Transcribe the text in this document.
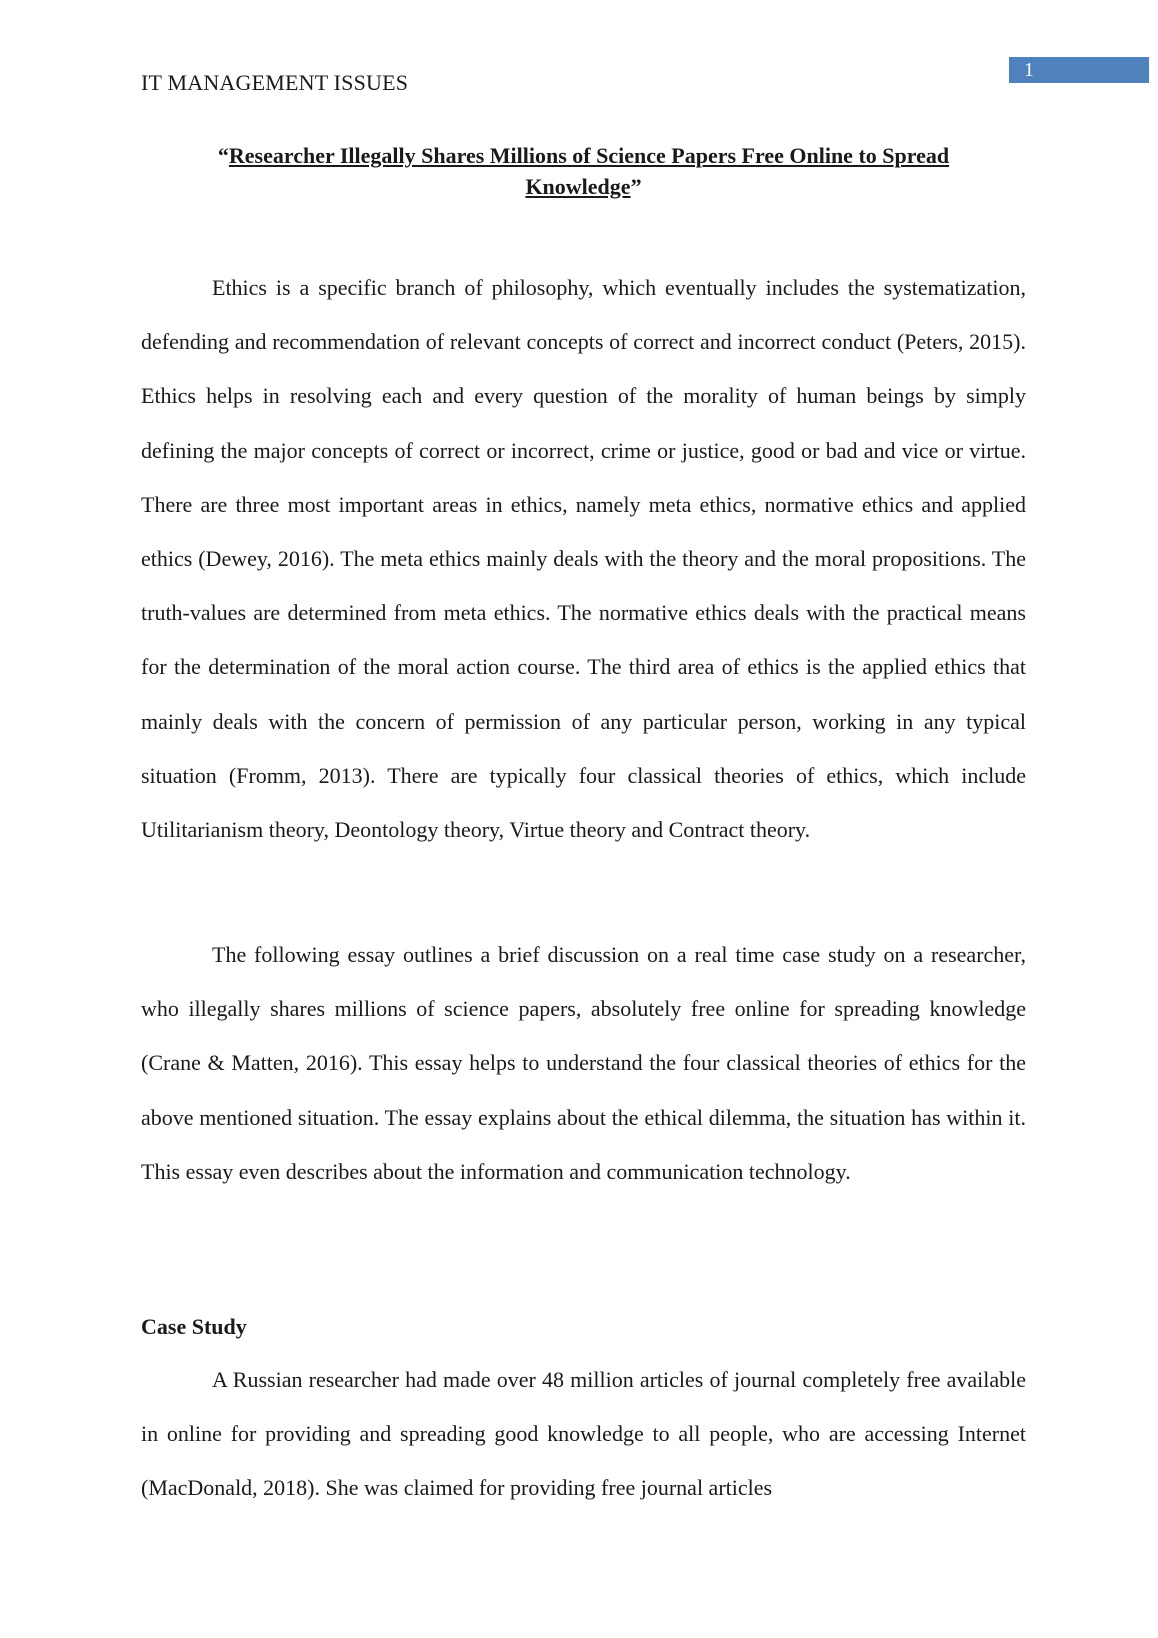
IT MANAGEMENT ISSUES	1
“Researcher Illegally Shares Millions of Science Papers Free Online to Spread
Knowledge”

Ethics is a specific branch of philosophy, which eventually includes the systematization, defending and recommendation of relevant concepts of correct and incorrect conduct (Peters, 2015). Ethics helps in resolving each and every question of the morality of human beings by simply defining the major concepts of correct or incorrect, crime or justice, good or bad and vice or virtue. There are three most important areas in ethics, namely meta ethics, normative ethics and applied ethics (Dewey, 2016). The meta ethics mainly deals with the theory and the moral propositions. The truth-values are determined from meta ethics. The normative ethics deals with the practical means for the determination of the moral action course. The third area of ethics is the applied ethics that mainly deals with the concern of permission of any particular person, working in any typical situation (Fromm, 2013). There are typically four classical theories of ethics, which include Utilitarianism theory, Deontology theory, Virtue theory and Contract theory.

The following essay outlines a brief discussion on a real time case study on a researcher, who illegally shares millions of science papers, absolutely free online for spreading knowledge (Crane & Matten, 2016). This essay helps to understand the four classical theories of ethics for the above mentioned situation. The essay explains about the ethical dilemma, the situation has within it. This essay even describes about the information and communication technology.

Case Study

A Russian researcher had made over 48 million articles of journal completely free available in online for providing and spreading good knowledge to all people, who are accessing Internet (MacDonald, 2018). She was claimed for providing free journal articles
